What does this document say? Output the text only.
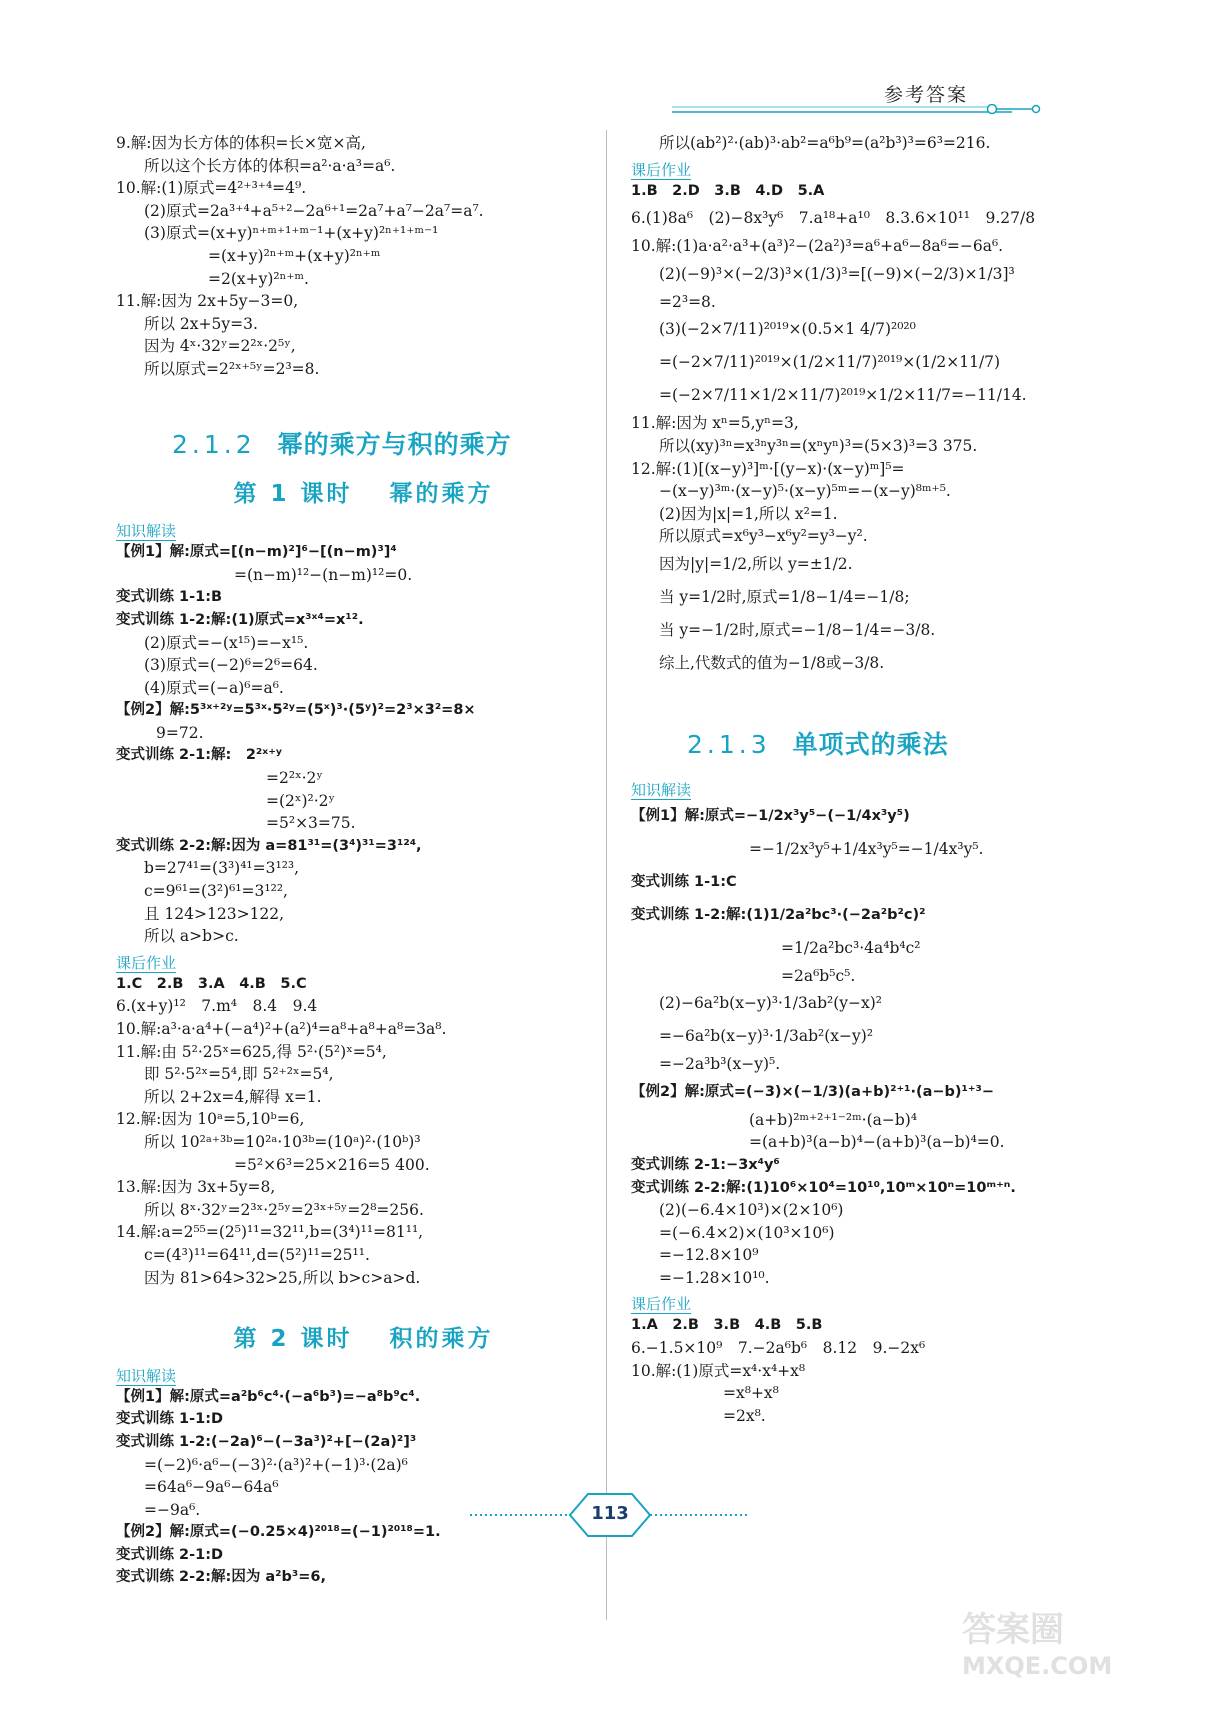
参考答案
9.解:因为长方体的体积=长×宽×高,
所以这个长方体的体积=a²·a·a³=a⁶.
10.解:(1)原式=4²⁺³⁺⁴=4⁹.
(2)原式=2a³⁺⁴+a⁵⁺²−2a⁶⁺¹=2a⁷+a⁷−2a⁷=a⁷.
(3)原式=(x+y)ⁿ⁺ᵐ⁺¹⁺ᵐ⁻¹+(x+y)²ⁿ⁺¹⁺ᵐ⁻¹
=(x+y)²ⁿ⁺ᵐ+(x+y)²ⁿ⁺ᵐ
=2(x+y)²ⁿ⁺ᵐ.
11.解:因为 2x+5y−3=0,
所以 2x+5y=3.
因为 4ˣ·32ʸ=2²ˣ·2⁵ʸ,
所以原式=2²ˣ⁺⁵ʸ=2³=8.

2.1.2 幂的乘方与积的乘方
第 1 课时　 幂的乘方
知识解读
【例1】解:原式=[(n−m)²]⁶−[(n−m)³]⁴
=(n−m)¹²−(n−m)¹²=0.
变式训练 1-1:B
变式训练 1-2:解:(1)原式=x³ˣ⁴=x¹².
(2)原式=−(x¹⁵)=−x¹⁵.
(3)原式=(−2)⁶=2⁶=64.
(4)原式=(−a)⁶=a⁶.
【例2】解:5³ˣ⁺²ʸ=5³ˣ·5²ʸ=(5ˣ)³·(5ʸ)²=2³×3²=8×
9=72.
变式训练 2-1:解:　2²ˣ⁺ʸ
=2²ˣ·2ʸ
=(2ˣ)²·2ʸ
=5²×3=75.
变式训练 2-2:解:因为 a=81³¹=(3⁴)³¹=3¹²⁴,
b=27⁴¹=(3³)⁴¹=3¹²³,
c=9⁶¹=(3²)⁶¹=3¹²²,
且 124>123>122,
所以 a>b>c.
课后作业
1.C　2.B　3.A　4.B　5.C
6.(x+y)¹²　7.m⁴　8.4　9.4
10.解:a³·a·a⁴+(−a⁴)²+(a²)⁴=a⁸+a⁸+a⁸=3a⁸.
11.解:由 5²·25ˣ=625,得 5²·(5²)ˣ=5⁴,
即 5²·5²ˣ=5⁴,即 5²⁺²ˣ=5⁴,
所以 2+2x=4,解得 x=1.
12.解:因为 10ᵃ=5,10ᵇ=6,
所以 10²ᵃ⁺³ᵇ=10²ᵃ·10³ᵇ=(10ᵃ)²·(10ᵇ)³
=5²×6³=25×216=5 400.
13.解:因为 3x+5y=8,
所以 8ˣ·32ʸ=2³ˣ·2⁵ʸ=2³ˣ⁺⁵ʸ=2⁸=256.
14.解:a=2⁵⁵=(2⁵)¹¹=32¹¹,b=(3⁴)¹¹=81¹¹,
c=(4³)¹¹=64¹¹,d=(5²)¹¹=25¹¹.
因为 81>64>32>25,所以 b>c>a>d.

第 2 课时　 积的乘方
知识解读
【例1】解:原式=a²b⁶c⁴·(−a⁶b³)=−a⁸b⁹c⁴.
变式训练 1-1:D
变式训练 1-2:(−2a)⁶−(−3a³)²+[−(2a)²]³
=(−2)⁶·a⁶−(−3)²·(a³)²+(−1)³·(2a)⁶
=64a⁶−9a⁶−64a⁶
=−9a⁶.
【例2】解:原式=(−0.25×4)²⁰¹⁸=(−1)²⁰¹⁸=1.
变式训练 2-1:D
变式训练 2-2:解:因为 a²b³=6,
所以(ab²)²·(ab)³·ab²=a⁶b⁹=(a²b³)³=6³=216.
课后作业
1.B　2.D　3.B　4.D　5.A
6.(1)8a⁶　(2)−8x³y⁶　7.a¹⁸+a¹⁰　8.3.6×10¹¹　9.27/8
10.解:(1)a·a²·a³+(a³)²−(2a²)³=a⁶+a⁶−8a⁶=−6a⁶.
(2)(−9)³×(−2/3)³×(1/3)³=[(−9)×(−2/3)×1/3]³
=2³=8.
(3)(−2×7/11)²⁰¹⁹×(0.5×1 4/7)²⁰²⁰
=(−2×7/11)²⁰¹⁹×(1/2×11/7)²⁰¹⁹×(1/2×11/7)
=(−2×7/11×1/2×11/7)²⁰¹⁹×1/2×11/7=−11/14.
11.解:因为 xⁿ=5,yⁿ=3,
所以(xy)³ⁿ=x³ⁿy³ⁿ=(xⁿyⁿ)³=(5×3)³=3 375.
12.解:(1)[(x−y)³]ᵐ·[(y−x)·(x−y)ᵐ]⁵=
−(x−y)³ᵐ·(x−y)⁵·(x−y)⁵ᵐ=−(x−y)⁸ᵐ⁺⁵.
(2)因为|x|=1,所以 x²=1.
所以原式=x⁶y³−x⁶y²=y³−y².
因为|y|=1/2,所以 y=±1/2.
当 y=1/2时,原式=1/8−1/4=−1/8;
当 y=−1/2时,原式=−1/8−1/4=−3/8.
综上,代数式的值为−1/8或−3/8.

2.1.3 单项式的乘法
知识解读
【例1】解:原式=−1/2x³y⁵−(−1/4x³y⁵)
=−1/2x³y⁵+1/4x³y⁵=−1/4x³y⁵.
变式训练 1-1:C
变式训练 1-2:解:(1)1/2a²bc³·(−2a²b²c)²
=1/2a²bc³·4a⁴b⁴c²
=2a⁶b⁵c⁵.
(2)−6a²b(x−y)³·1/3ab²(y−x)²
=−6a²b(x−y)³·1/3ab²(x−y)²
=−2a³b³(x−y)⁵.
【例2】解:原式=(−3)×(−1/3)(a+b)²⁺¹·(a−b)¹⁺³−
(a+b)²ᵐ⁺²⁺¹⁻²ᵐ·(a−b)⁴
=(a+b)³(a−b)⁴−(a+b)³(a−b)⁴=0.
变式训练 2-1:−3x⁴y⁶
变式训练 2-2:解:(1)10⁶×10⁴=10¹⁰,10ᵐ×10ⁿ=10ᵐ⁺ⁿ.
(2)(−6.4×10³)×(2×10⁶)
=(−6.4×2)×(10³×10⁶)
=−12.8×10⁹
=−1.28×10¹⁰.
课后作业
1.A　2.B　3.B　4.B　5.B
6.−1.5×10⁹　7.−2a⁶b⁶　8.12　9.−2x⁶
10.解:(1)原式=x⁴·x⁴+x⁸
=x⁸+x⁸
=2x⁸.
113
答案圈
MXQE.COM
